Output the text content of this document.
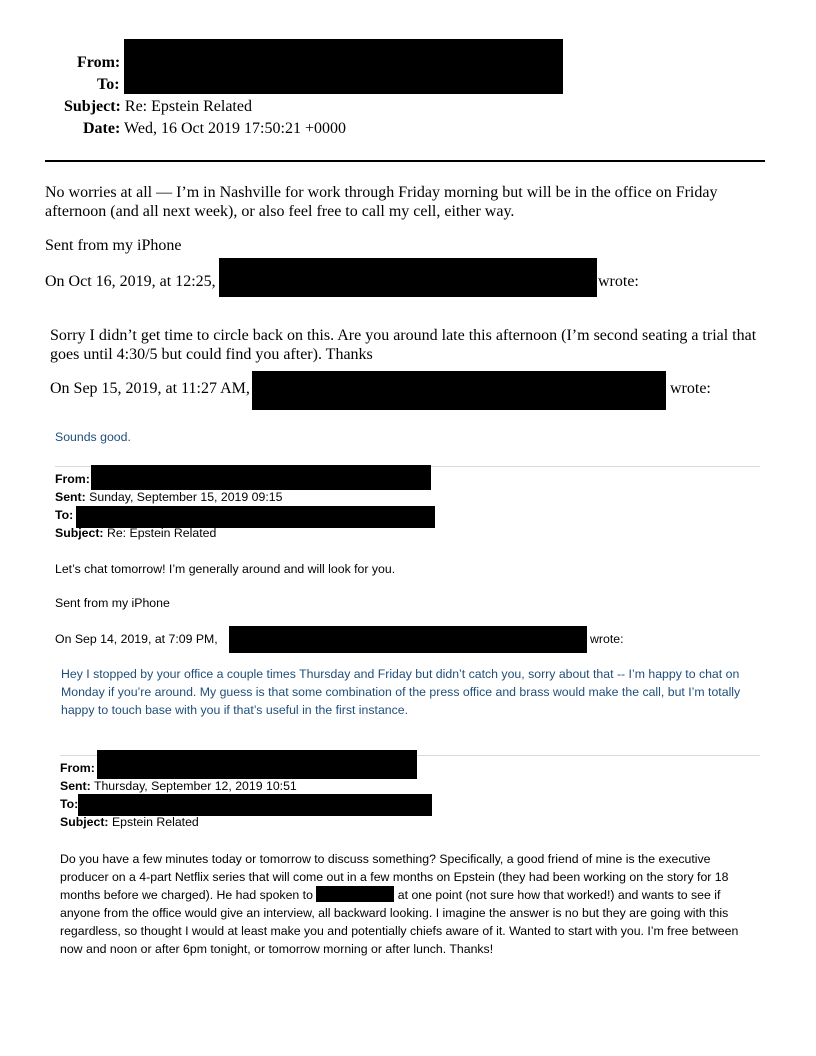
From:
To:
Subject: Re: Epstein Related
Date: Wed, 16 Oct 2019 17:50:21 +0000
No worries at all — I’m in Nashville for work through Friday morning but will be in the office on Friday afternoon (and all next week), or also feel free to call my cell, either way.
Sent from my iPhone
On Oct 16, 2019, at 12:25,	wrote:
Sorry I didn’t get time to circle back on this. Are you around late this afternoon (I’m second seating a trial that goes until 4:30/5 but could find you after). Thanks
On Sep 15, 2019, at 11:27 AM,	wrote:
Sounds good.
From:
Sent: Sunday, September 15, 2019 09:15
To:
Subject: Re: Epstein Related
Let’s chat tomorrow! I’m generally around and will look for you.
Sent from my iPhone
On Sep 14, 2019, at 7:09 PM,	wrote:
Hey I stopped by your office a couple times Thursday and Friday but didn’t catch you, sorry about that -- I’m happy to chat on Monday if you’re around. My guess is that some combination of the press office and brass would make the call, but I’m totally happy to touch base with you if that’s useful in the first instance.
From:
Sent: Thursday, September 12, 2019 10:51
To:
Subject: Epstein Related
Do you have a few minutes today or tomorrow to discuss something? Specifically, a good friend of mine is the executive producer on a 4-part Netflix series that will come out in a few months on Epstein (they had been working on the story for 18 months before we charged). He had spoken to	at one point (not sure how that worked!) and wants to see if anyone from the office would give an interview, all backward looking. I imagine the answer is no but they are going with this regardless, so thought I would at least make you and potentially chiefs aware of it. Wanted to start with you. I’m free between now and noon or after 6pm tonight, or tomorrow morning or after lunch. Thanks!
